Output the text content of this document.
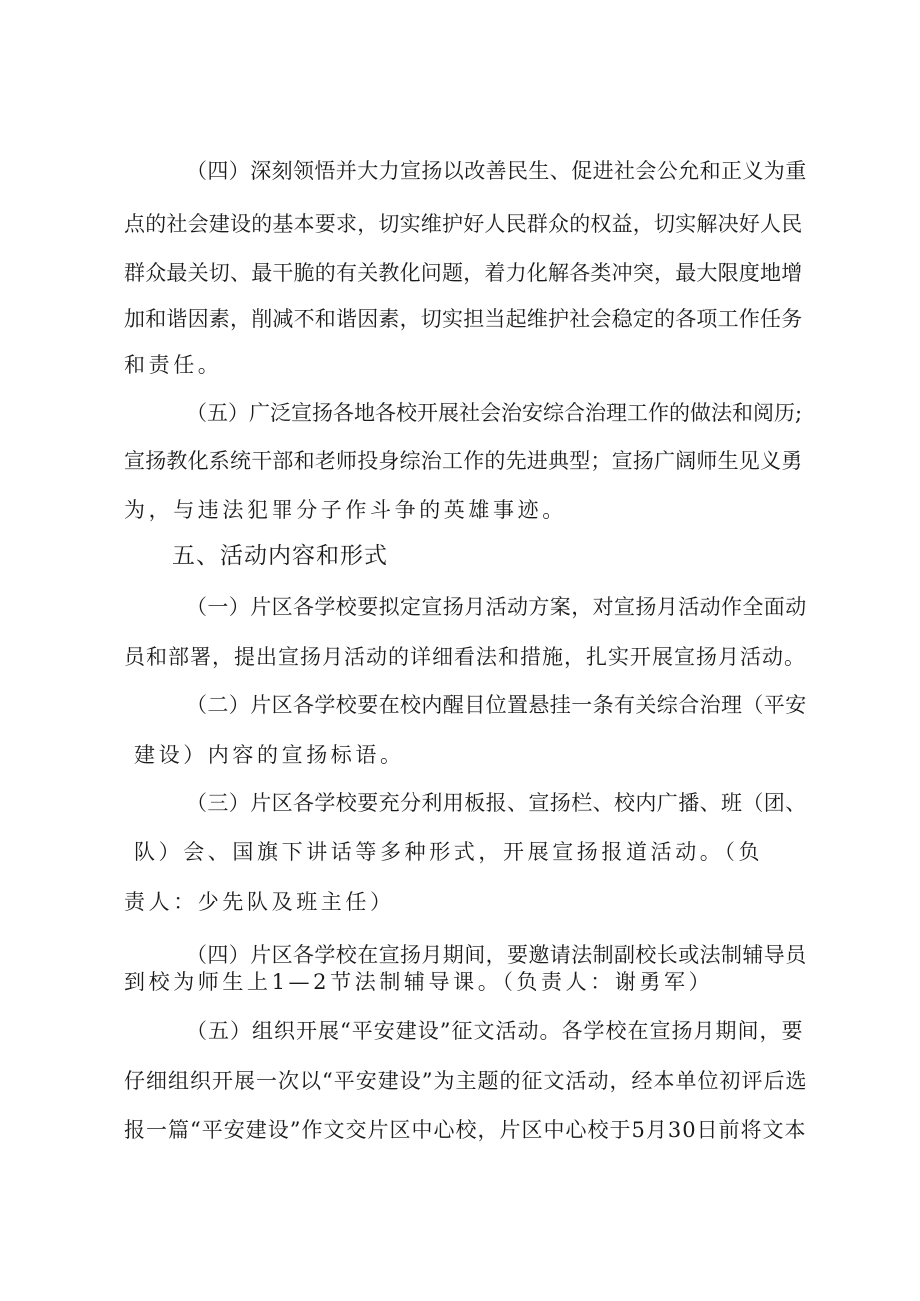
（四）深刻领悟并大力宣扬以改善民生、促进社会公允和正义为重
点的社会建设的基本要求，切实维护好人民群众的权益，切实解决好人民
群众最关切、最干脆的有关教化问题，着力化解各类冲突，最大限度地增
加和谐因素，削减不和谐因素，切实担当起维护社会稳定的各项工作任务
和责任。
（五）广泛宣扬各地各校开展社会治安综合治理工作的做法和阅历;
宣扬教化系统干部和老师投身综治工作的先进典型；宣扬广阔师生见义勇
为，与违法犯罪分子作斗争的英雄事迹。
五、活动内容和形式
（一）片区各学校要拟定宣扬月活动方案，对宣扬月活动作全面动
员和部署，提出宣扬月活动的详细看法和措施，扎实开展宣扬月活动。
（二）片区各学校要在校内醒目位置悬挂一条有关综合治理（平安
建设）内容的宣扬标语。
（三）片区各学校要充分利用板报、宣扬栏、校内广播、班（团、
队）会、国旗下讲话等多种形式，开展宣扬报道活动。（负
责人：少先队及班主任）
（四）片区各学校在宣扬月期间，要邀请法制副校长或法制辅导员
到校为师生上1—2节法制辅导课。（负责人：谢勇军）
（五）组织开展“平安建设”征文活动。各学校在宣扬月期间，要
仔细组织开展一次以“平安建设”为主题的征文活动，经本单位初评后选
报一篇“平安建设”作文交片区中心校，片区中心校于5月30日前将文本
